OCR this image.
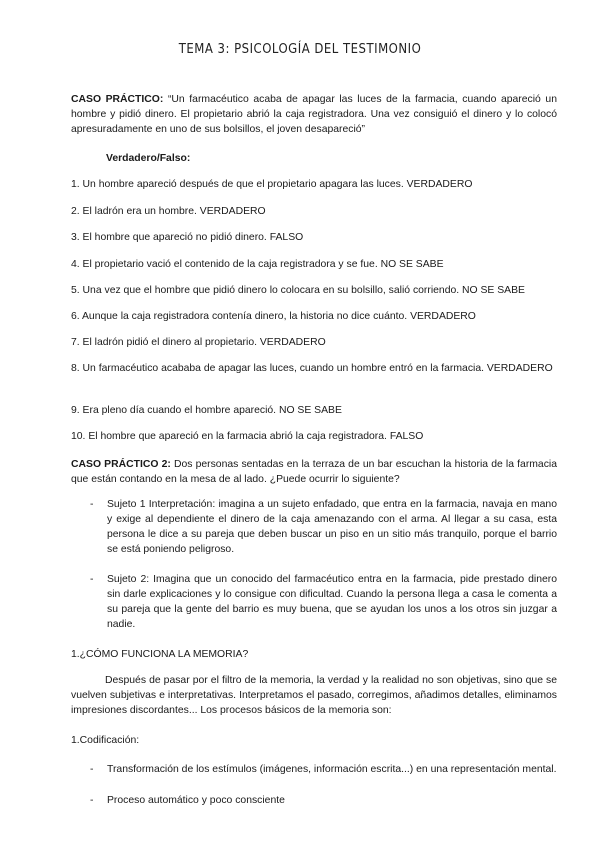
TEMA 3: PSICOLOGÍA DEL TESTIMONIO
CASO PRÁCTICO: “Un farmacéutico acaba de apagar las luces de la farmacia, cuando apareció un hombre y pidió dinero. El propietario abrió la caja registradora. Una vez consiguió el dinero y lo colocó apresuradamente en uno de sus bolsillos, el joven desapareció”
Verdadero/Falso:
1. Un hombre apareció después de que el propietario apagara las luces. VERDADERO
2. El ladrón era un hombre. VERDADERO
3. El hombre que apareció no pidió dinero. FALSO
4. El propietario vació el contenido de la caja registradora y se fue. NO SE SABE
5. Una vez que el hombre que pidió dinero lo colocara en su bolsillo, salió corriendo. NO SE SABE
6. Aunque la caja registradora contenía dinero, la historia no dice cuánto. VERDADERO
7. El ladrón pidió el dinero al propietario. VERDADERO
8. Un farmacéutico acababa de apagar las luces, cuando un hombre entró en la farmacia. VERDADERO
9. Era pleno día cuando el hombre apareció. NO SE SABE
10. El hombre que apareció en la farmacia abrió la caja registradora. FALSO
CASO PRÁCTICO 2: Dos personas sentadas en la terraza de un bar escuchan la historia de la farmacia que están contando en la mesa de al lado. ¿Puede ocurrir lo siguiente?
- Sujeto 1 Interpretación: imagina a un sujeto enfadado, que entra en la farmacia, navaja en mano y exige al dependiente el dinero de la caja amenazando con el arma. Al llegar a su casa, esta persona le dice a su pareja que deben buscar un piso en un sitio más tranquilo, porque el barrio se está poniendo peligroso.
- Sujeto 2: Imagina que un conocido del farmacéutico entra en la farmacia, pide prestado dinero sin darle explicaciones y lo consigue con dificultad. Cuando la persona llega a casa le comenta a su pareja que la gente del barrio es muy buena, que se ayudan los unos a los otros sin juzgar a nadie.
1.¿CÓMO FUNCIONA LA MEMORIA?
Después de pasar por el filtro de la memoria, la verdad y la realidad no son objetivas, sino que se vuelven subjetivas e interpretativas. Interpretamos el pasado, corregimos, añadimos detalles, eliminamos impresiones discordantes... Los procesos básicos de la memoria son:
1.Codificación:
- Transformación de los estímulos (imágenes, información escrita...) en una representación mental.
- Proceso automático y poco consciente
